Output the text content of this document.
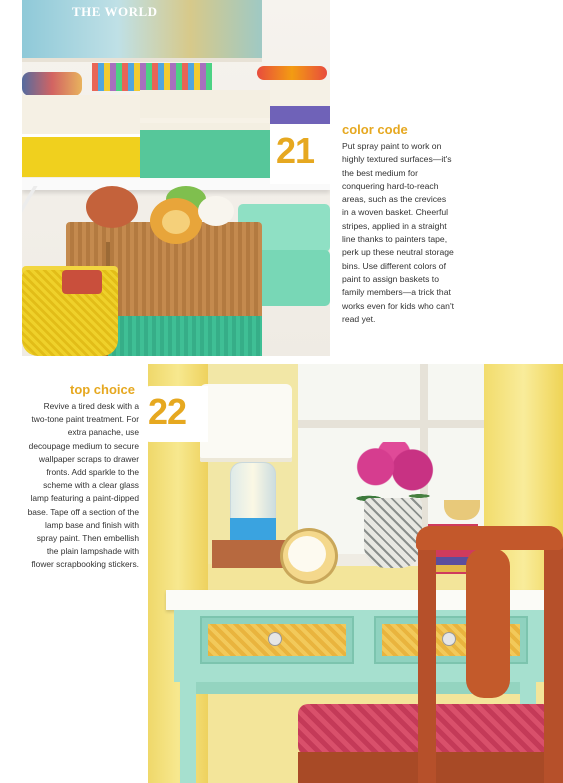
THE WORLD
21
color code
Put spray paint to work on highly textured surfaces—it's the best medium for conquering hard-to-reach areas, such as the crevices in a woven basket. Cheerful stripes, applied in a straight line thanks to painters tape, perk up these neutral storage bins. Use different colors of paint to assign baskets to family members—a trick that works even for kids who can't read yet.
22
top choice
Revive a tired desk with a two-tone paint treatment. For extra panache, use decoupage medium to secure wallpaper scraps to drawer fronts. Add sparkle to the scheme with a clear glass lamp featuring a paint-dipped base. Tape off a section of the lamp base and finish with spray paint. Then embellish the plain lampshade with flower scrapbooking stickers.
